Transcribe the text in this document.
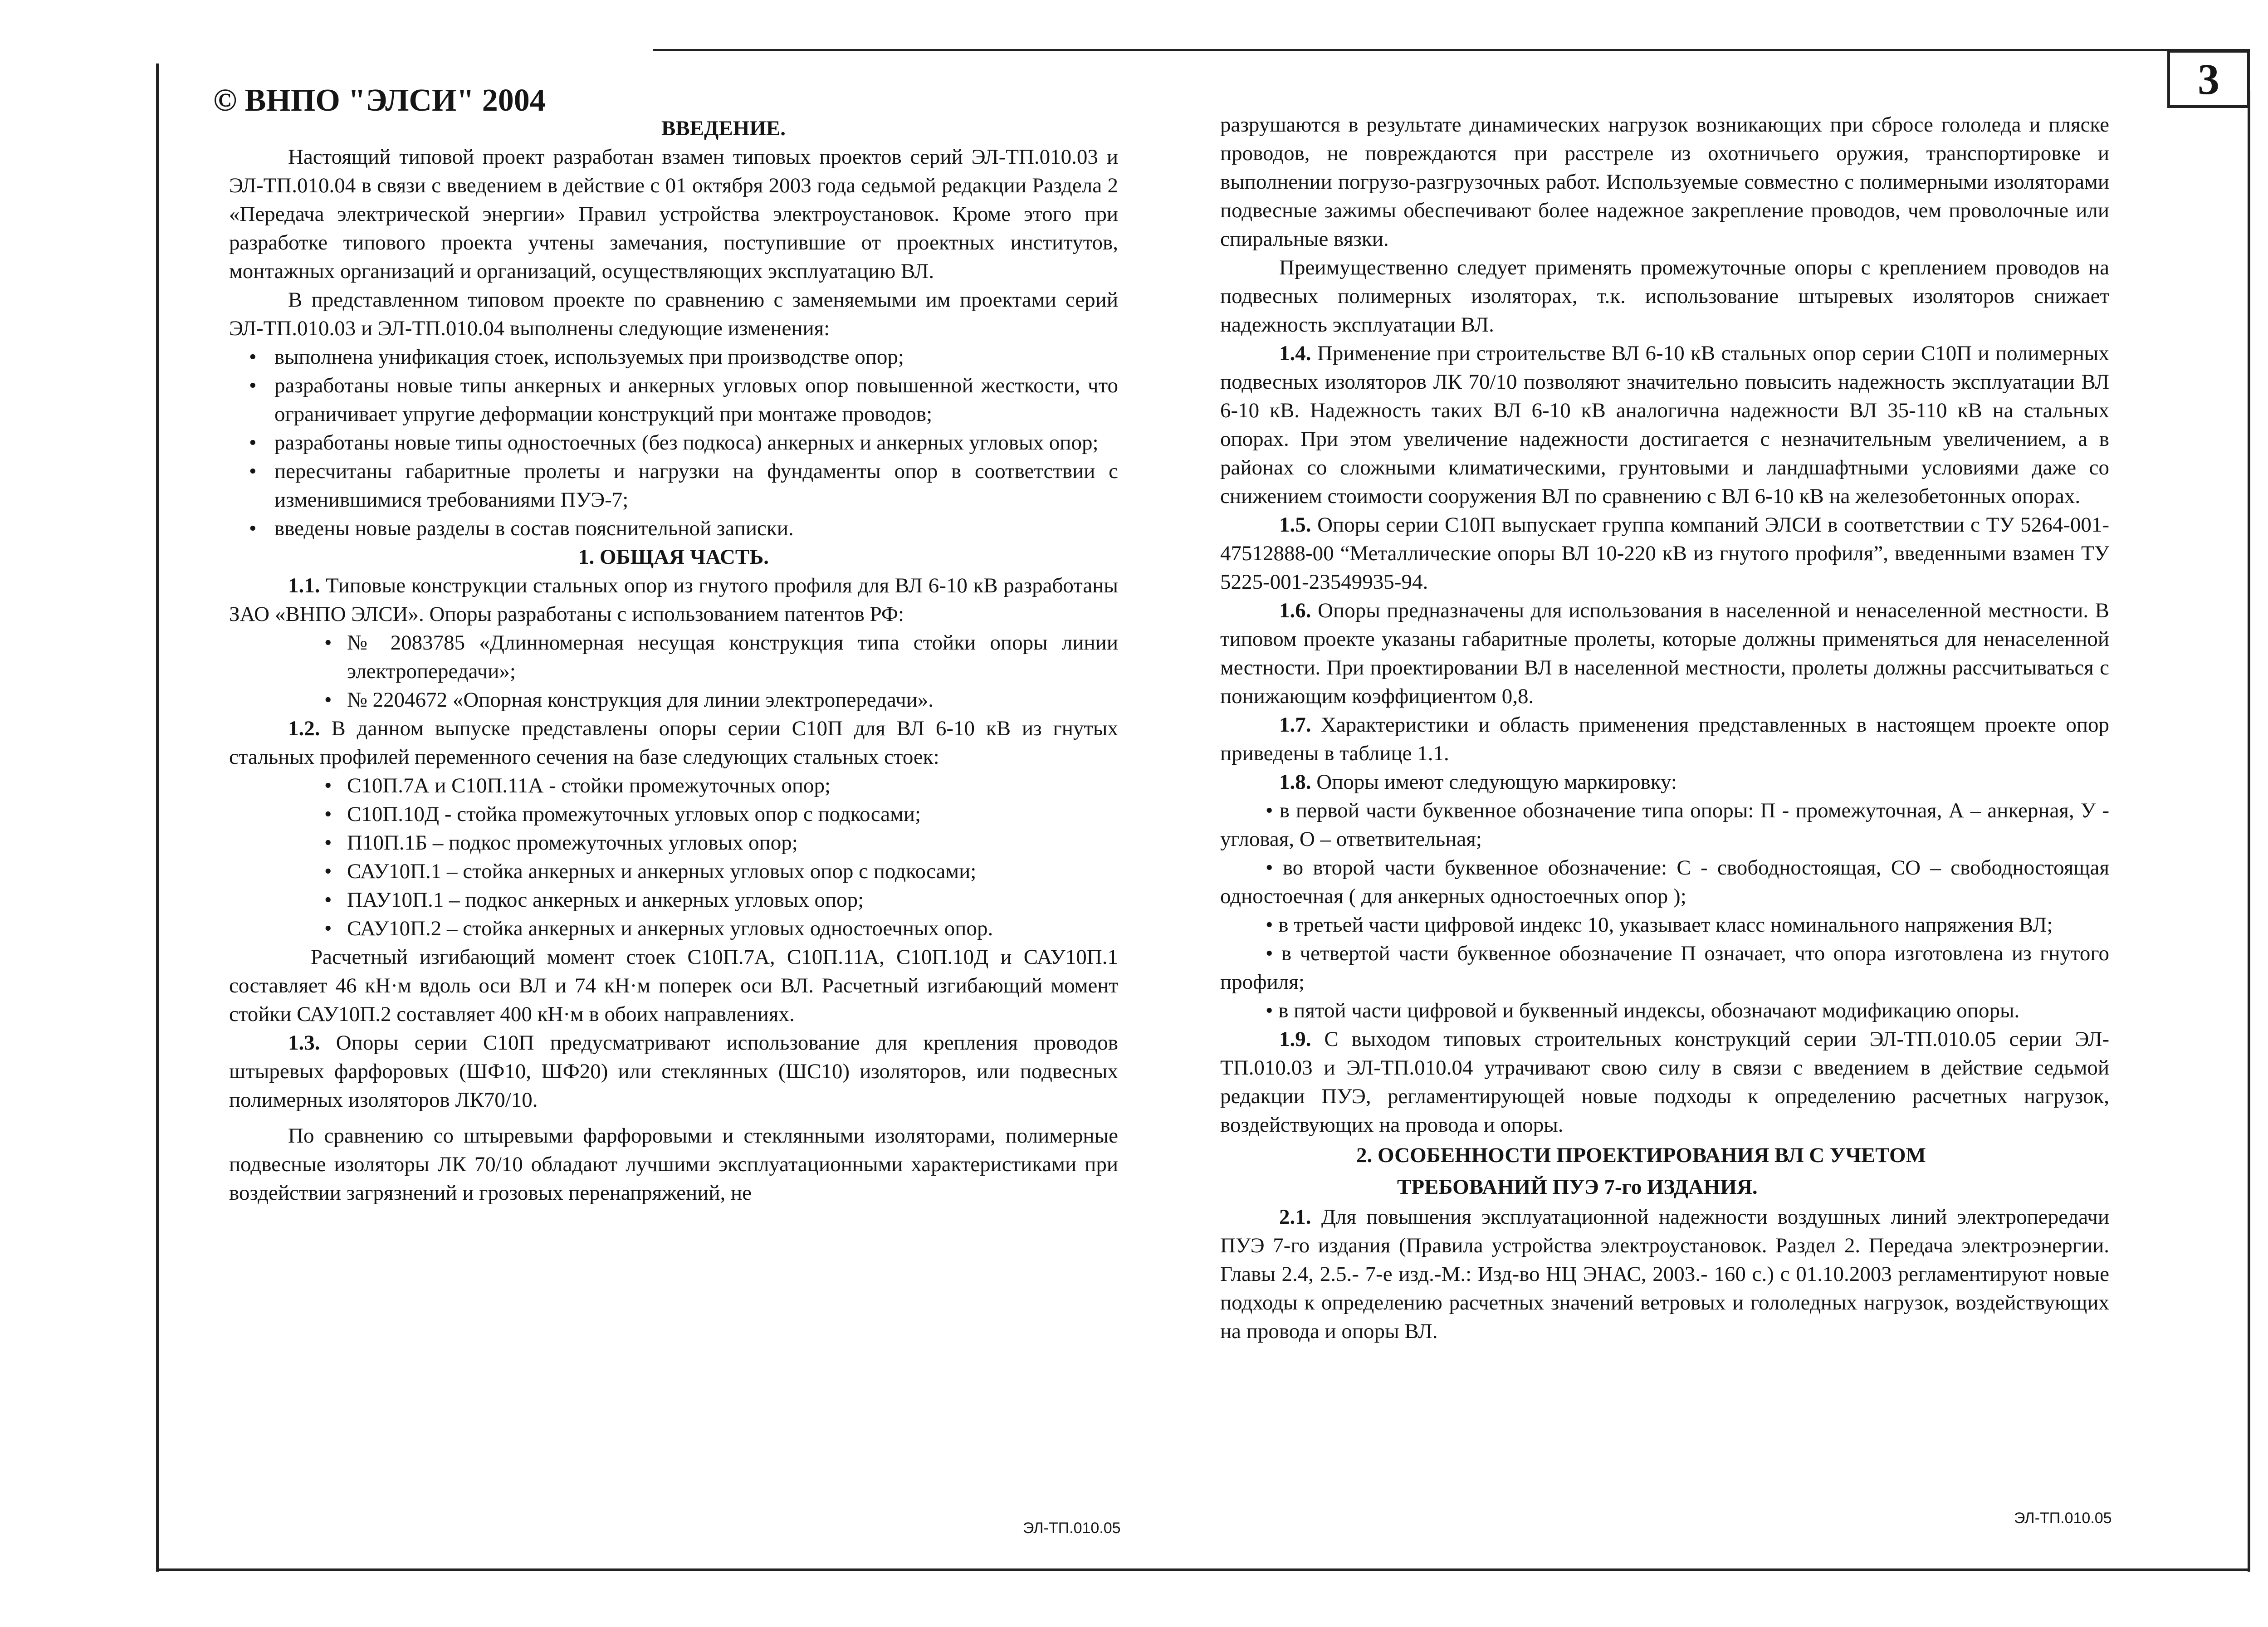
3
© ВНПО "ЭЛСИ" 2004

ВВЕДЕНИЕ.

Настоящий типовой проект разработан взамен типовых проектов серий ЭЛ-ТП.010.03 и ЭЛ-ТП.010.04 в связи с введением в действие с 01 октября 2003 года седьмой редакции Раздела 2 «Передача электрической энергии» Правил устройства электроустановок. Кроме этого при разработке типового проекта учтены замечания, поступившие от проектных институтов, монтажных организаций и организаций, осуществляющих эксплуатацию ВЛ.

В представленном типовом проекте по сравнению с заменяемыми им проектами серий ЭЛ-ТП.010.03 и ЭЛ-ТП.010.04 выполнены следующие изменения:

• выполнена унификация стоек, используемых при производстве опор;
• разработаны новые типы анкерных и анкерных угловых опор повышенной жесткости, что ограничивает упругие деформации конструкций при монтаже проводов;
• разработаны новые типы одностоечных (без подкоса) анкерных и анкерных угловых опор;
• пересчитаны габаритные пролеты и нагрузки на фундаменты опор в соответствии с изменившимися требованиями ПУЭ-7;
• введены новые разделы в состав пояснительной записки.

1. ОБЩАЯ ЧАСТЬ.

1.1. Типовые конструкции стальных опор из гнутого профиля для ВЛ 6-10 кВ разработаны ЗАО «ВНПО ЭЛСИ». Опоры разработаны с использованием патентов РФ:

• № 2083785 «Длинномерная несущая конструкция типа стойки опоры линии электропередачи»;
• № 2204672 «Опорная конструкция для линии электропередачи».

1.2. В данном выпуске представлены опоры серии С10П для ВЛ 6-10 кВ из гнутых стальных профилей переменного сечения на базе следующих стальных стоек:

• С10П.7А и С10П.11А - стойки промежуточных опор;
• С10П.10Д - стойка промежуточных угловых опор с подкосами;
• П10П.1Б – подкос промежуточных угловых опор;
• САУ10П.1 – стойка анкерных и анкерных угловых опор с подкосами;
• ПАУ10П.1 – подкос анкерных и анкерных угловых опор;
• САУ10П.2 – стойка анкерных и анкерных угловых одностоечных опор.

Расчетный изгибающий момент стоек С10П.7А, С10П.11А, С10П.10Д и САУ10П.1 составляет 46 кН·м вдоль оси ВЛ и 74 кН·м поперек оси ВЛ. Расчетный изгибающий момент стойки САУ10П.2 составляет 400 кН·м в обоих направлениях.

1.3. Опоры серии С10П предусматривают использование для крепления проводов штыревых фарфоровых (ШФ10, ШФ20) или стеклянных (ШС10) изоляторов, или подвесных полимерных изоляторов ЛК70/10.

По сравнению со штыревыми фарфоровыми и стеклянными изоляторами, полимерные подвесные изоляторы ЛК 70/10 обладают лучшими эксплуатационными характеристиками при воздействии загрязнений и грозовых перенапряжений, не

ЭЛ-ТП.010.05

разрушаются в результате динамических нагрузок возникающих при сбросе гололеда и пляске проводов, не повреждаются при расстреле из охотничьего оружия, транспортировке и выполнении погрузо-разгрузочных работ. Используемые совместно с полимерными изоляторами подвесные зажимы обеспечивают более надежное закрепление проводов, чем проволочные или спиральные вязки.

Преимущественно следует применять промежуточные опоры с креплением проводов на подвесных полимерных изоляторах, т.к. использование штыревых изоляторов снижает надежность эксплуатации ВЛ.

1.4. Применение при строительстве ВЛ 6-10 кВ стальных опор серии С10П и полимерных подвесных изоляторов ЛК 70/10 позволяют значительно повысить надежность эксплуатации ВЛ 6-10 кВ. Надежность таких ВЛ 6-10 кВ аналогична надежности ВЛ 35-110 кВ на стальных опорах. При этом увеличение надежности достигается с незначительным увеличением, а в районах со сложными климатическими, грунтовыми и ландшафтными условиями даже со снижением стоимости сооружения ВЛ по сравнению с ВЛ 6-10 кВ на железобетонных опорах.

1.5. Опоры серии С10П выпускает группа компаний ЭЛСИ в соответствии с ТУ 5264-001-47512888-00 “Металлические опоры ВЛ 10-220 кВ из гнутого профиля”, введенными взамен ТУ 5225-001-23549935-94.

1.6. Опоры предназначены для использования в населенной и ненаселенной местности. В типовом проекте указаны габаритные пролеты, которые должны применяться для ненаселенной местности. При проектировании ВЛ в населенной местности, пролеты должны рассчитываться с понижающим коэффициентом 0,8.

1.7. Характеристики и область применения представленных в настоящем проекте опор приведены в таблице 1.1.

1.8. Опоры имеют следующую маркировку:

• в первой части буквенное обозначение типа опоры: П - промежуточная, А – анкерная, У - угловая, О – ответвительная;

• во второй части буквенное обозначение: С - свободностоящая, СО – свободностоящая одностоечная ( для анкерных одностоечных опор );

• в третьей части цифровой индекс 10, указывает класс номинального напряжения ВЛ;

• в четвертой части буквенное обозначение П означает, что опора изготовлена из гнутого профиля;

• в пятой части цифровой и буквенный индексы, обозначают модификацию опоры.

1.9. С выходом типовых строительных конструкций серии ЭЛ-ТП.010.05 серии ЭЛ-ТП.010.03 и ЭЛ-ТП.010.04 утрачивают свою силу в связи с введением в действие седьмой редакции ПУЭ, регламентирующей новые подходы к определению расчетных нагрузок, воздействующих на провода и опоры.

2. ОСОБЕННОСТИ ПРОЕКТИРОВАНИЯ ВЛ С УЧЕТОМ
ТРЕБОВАНИЙ ПУЭ 7-го ИЗДАНИЯ.

2.1. Для повышения эксплуатационной надежности воздушных линий электропередачи ПУЭ 7-го издания (Правила устройства электроустановок. Раздел 2. Передача электроэнергии. Главы 2.4, 2.5.- 7-е изд.-М.: Изд-во НЦ ЭНАС, 2003.- 160 с.) с 01.10.2003 регламентируют новые подходы к определению расчетных значений ветровых и гололедных нагрузок, воздействующих на провода и опоры ВЛ.

ЭЛ-ТП.010.05
